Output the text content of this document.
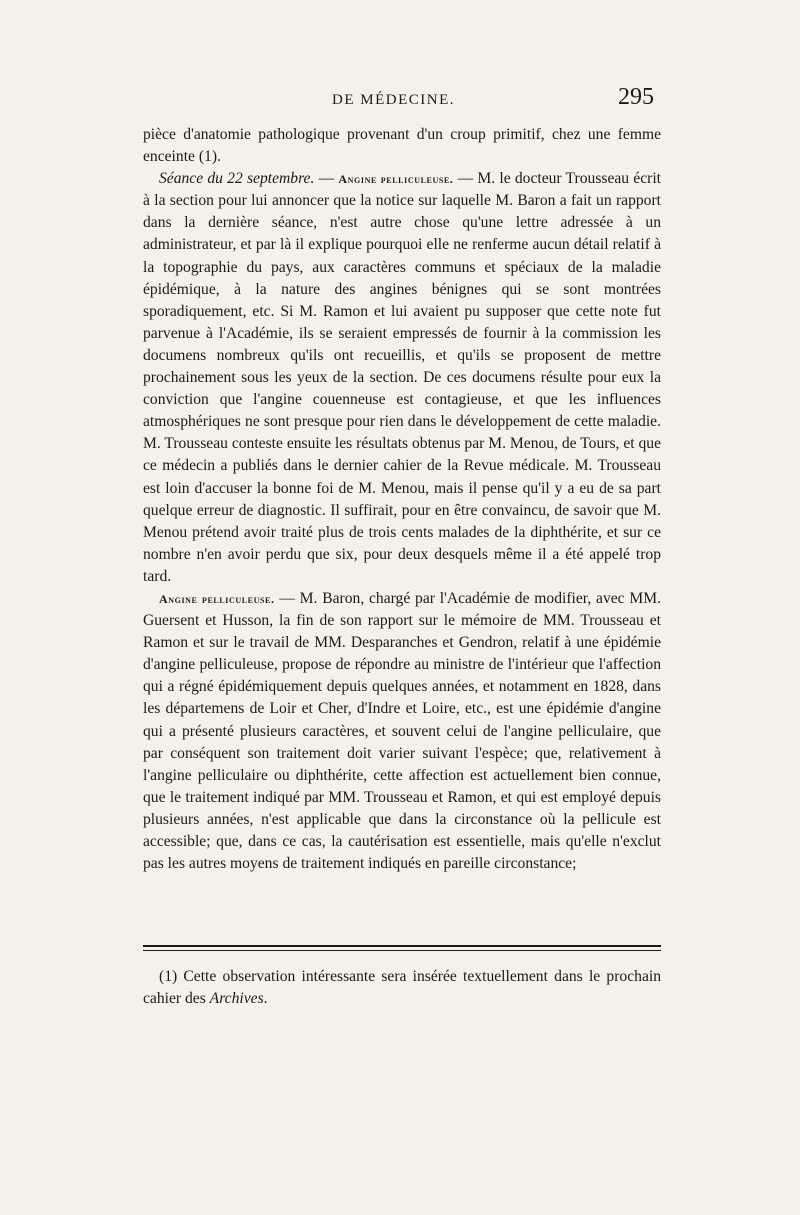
DE MÉDECINE.	295

pièce d'anatomie pathologique provenant d'un croup primitif, chez une femme enceinte (1).

Séance du 22 septembre. — Angine pelliculeuse. — M. le docteur Trousseau écrit à la section pour lui annoncer que la notice sur laquelle M. Baron a fait un rapport dans la dernière séance, n'est autre chose qu'une lettre adressée à un administrateur, et par là il explique pourquoi elle ne renferme aucun détail relatif à la topographie du pays, aux caractères communs et spéciaux de la maladie épidémique, à la nature des angines bénignes qui se sont montrées sporadiquement, etc. Si M. Ramon et lui avaient pu supposer que cette note fut parvenue à l'Académie, ils se seraient empressés de fournir à la commission les documens nombreux qu'ils ont recueillis, et qu'ils se proposent de mettre prochainement sous les yeux de la section. De ces documens résulte pour eux la conviction que l'angine couenneuse est contagieuse, et que les influences atmosphériques ne sont presque pour rien dans le développement de cette maladie. M. Trousseau conteste ensuite les résultats obtenus par M. Menou, de Tours, et que ce médecin a publiés dans le dernier cahier de la Revue médicale. M. Trousseau est loin d'accuser la bonne foi de M. Menou, mais il pense qu'il y a eu de sa part quelque erreur de diagnostic. Il suffirait, pour en être convaincu, de savoir que M. Menou prétend avoir traité plus de trois cents malades de la diphthérite, et sur ce nombre n'en avoir perdu que six, pour deux desquels même il a été appelé trop tard.

Angine pelliculeuse. — M. Baron, chargé par l'Académie de modifier, avec MM. Guersent et Husson, la fin de son rapport sur le mémoire de MM. Trousseau et Ramon et sur le travail de MM. Desparanches et Gendron, relatif à une épidémie d'angine pelliculeuse, propose de répondre au ministre de l'intérieur que l'affection qui a régné épidémiquement depuis quelques années, et notamment en 1828, dans les départemens de Loir et Cher, d'Indre et Loire, etc., est une épidémie d'angine qui a présenté plusieurs caractères, et souvent celui de l'angine pelliculaire, que par conséquent son traitement doit varier suivant l'espèce; que, relativement à l'angine pelliculaire ou diphthérite, cette affection est actuellement bien connue, que le traitement indiqué par MM. Trousseau et Ramon, et qui est employé depuis plusieurs années, n'est applicable que dans la circonstance où la pellicule est accessible; que, dans ce cas, la cautérisation est essentielle, mais qu'elle n'exclut pas les autres moyens de traitement indiqués en pareille circonstance;

(1) Cette observation intéressante sera insérée textuellement dans le prochain cahier des Archives.
